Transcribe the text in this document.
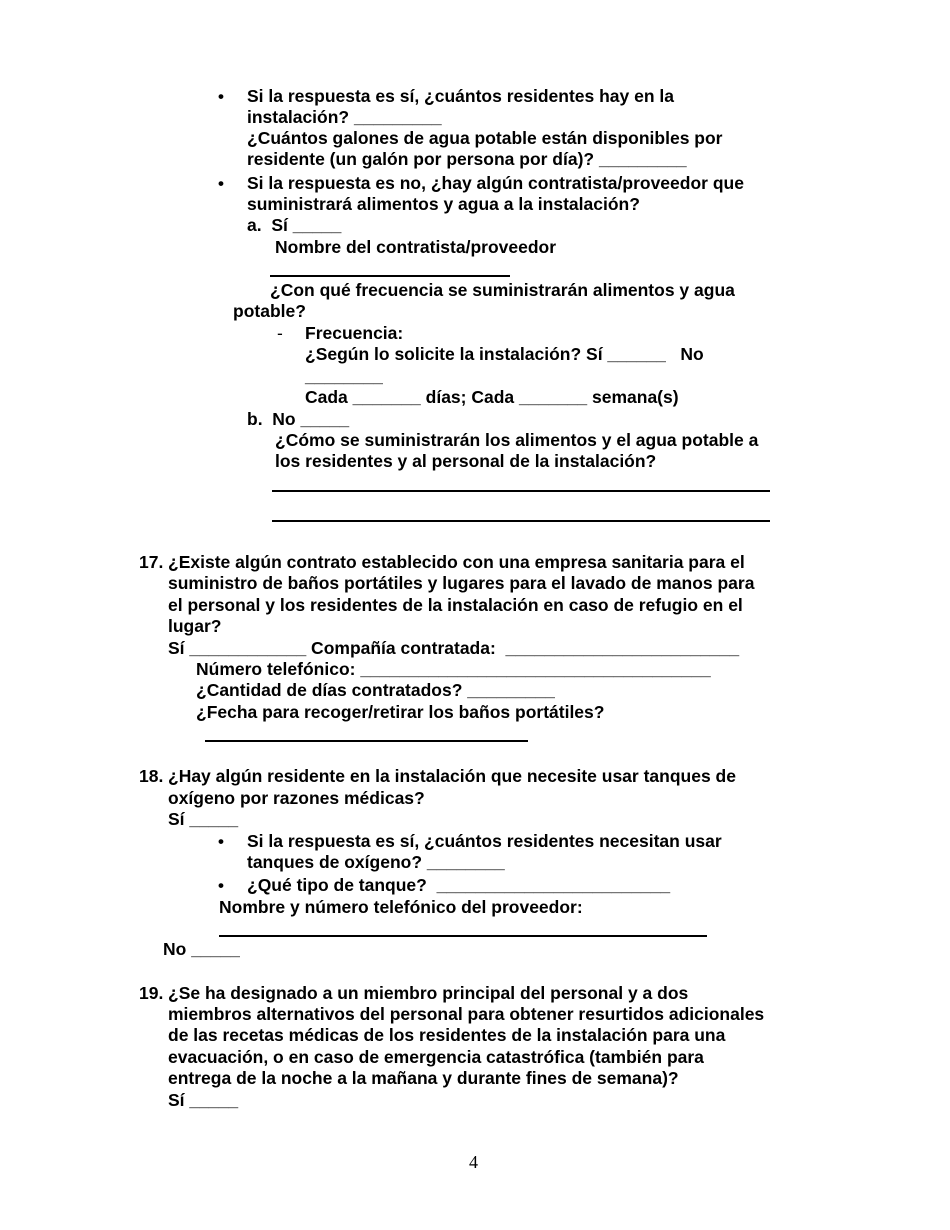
• Si la respuesta es sí, ¿cuántos residentes hay en la
instalación? _________
¿Cuántos galones de agua potable están disponibles por
residente (un galón por persona por día)? _________
• Si la respuesta es no, ¿hay algún contratista/proveedor que
suministrará alimentos y agua a la instalación?
a.  Sí _____
Nombre del contratista/proveedor
¿Con qué frecuencia se suministrarán alimentos y agua
potable?
- Frecuencia:
¿Según lo solicite la instalación? Sí ______   No
________
Cada _______ días; Cada _______ semana(s)
b.  No _____
¿Cómo se suministrarán los alimentos y el agua potable a
los residentes y al personal de la instalación?
17. ¿Existe algún contrato establecido con una empresa sanitaria para el
suministro de baños portátiles y lugares para el lavado de manos para
el personal y los residentes de la instalación en caso de refugio en el
lugar?
Sí ____________ Compañía contratada:  ________________________
Número telefónico: ____________________________________
¿Cantidad de días contratados? _________
¿Fecha para recoger/retirar los baños portátiles?
18. ¿Hay algún residente en la instalación que necesite usar tanques de
oxígeno por razones médicas?
Sí _____
• Si la respuesta es sí, ¿cuántos residentes necesitan usar
tanques de oxígeno? ________
• ¿Qué tipo de tanque?  ________________________
Nombre y número telefónico del proveedor:
No _____
19. ¿Se ha designado a un miembro principal del personal y a dos
miembros alternativos del personal para obtener resurtidos adicionales
de las recetas médicas de los residentes de la instalación para una
evacuación, o en caso de emergencia catastrófica (también para
entrega de la noche a la mañana y durante fines de semana)?
Sí _____
4
